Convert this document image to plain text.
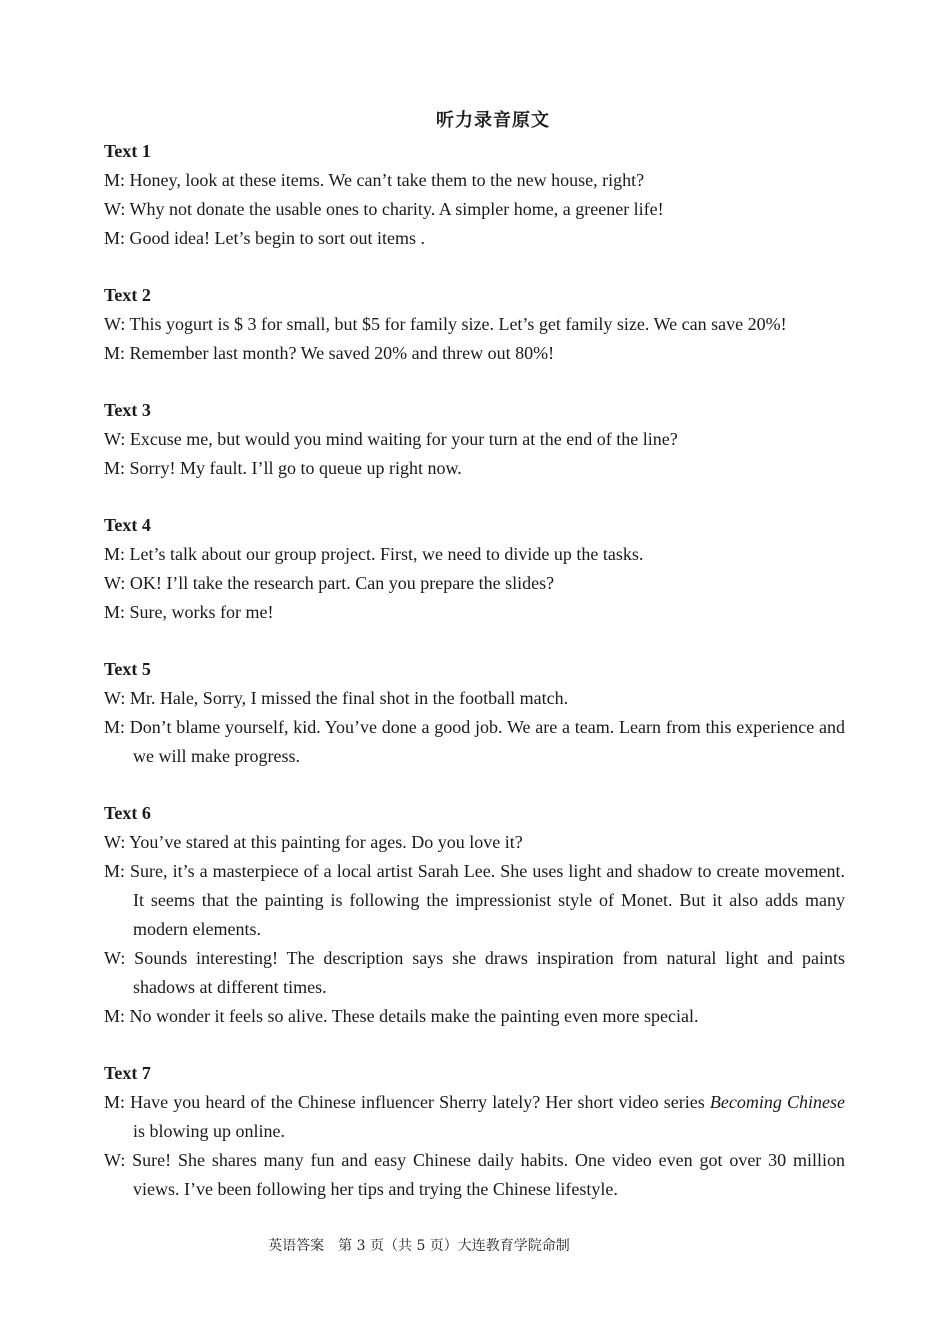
听力录音原文
Text 1
M: Honey, look at these items. We can’t take them to the new house, right?
W: Why not donate the usable ones to charity. A simpler home, a greener life!
M: Good idea! Let’s begin to sort out items .
Text 2
W: This yogurt is $ 3 for small, but $5 for family size. Let’s get family size. We can save 20%!
M: Remember last month? We saved 20% and threw out 80%!
Text 3
W: Excuse me, but would you mind waiting for your turn at the end of the line?
M: Sorry! My fault. I’ll go to queue up right now.
Text 4
M: Let’s talk about our group project. First, we need to divide up the tasks.
W: OK! I’ll take the research part. Can you prepare the slides?
M: Sure, works for me!
Text 5
W: Mr. Hale, Sorry, I missed the final shot in the football match.
M: Don’t blame yourself, kid. You’ve done a good job. We are a team. Learn from this experience and we will make progress.
Text 6
W: You’ve stared at this painting for ages. Do you love it?
M: Sure, it’s a masterpiece of a local artist Sarah Lee. She uses light and shadow to create movement. It seems that the painting is following the impressionist style of Monet. But it also adds many modern elements.
W: Sounds interesting! The description says she draws inspiration from natural light and paints shadows at different times.
M: No wonder it feels so alive. These details make the painting even more special.
Text 7
M: Have you heard of the Chinese influencer Sherry lately? Her short video series Becoming Chinese is blowing up online.
W: Sure! She shares many fun and easy Chinese daily habits. One video even got over 30 million views. I’ve been following her tips and trying the Chinese lifestyle.
英语答案　第 3 页（共 5 页）大连教育学院命制
